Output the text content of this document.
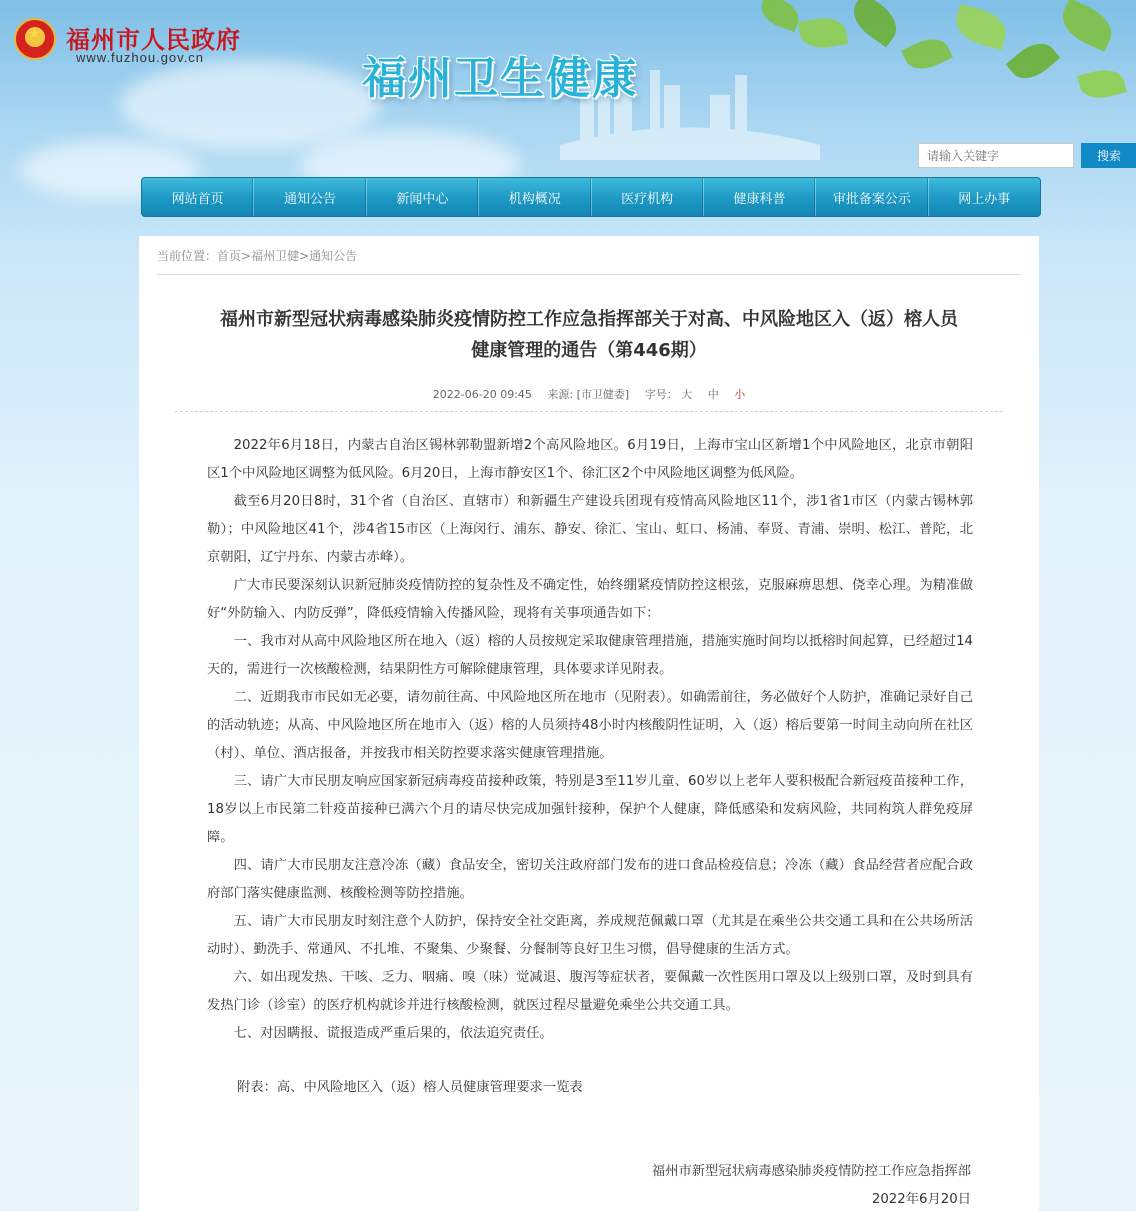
★ 福州市人民政府
www.fuzhou.gov.cn	福州卫生健康
请输入关键字
搜索
网站首页	通知公告	新闻中心	机构概况	医疗机构	健康科普	审批备案公示	网上办事
当前位置：首页>福州卫健>通知公告
福州市新型冠状病毒感染肺炎疫情防控工作应急指挥部关于对高、中风险地区入（返）榕人员
健康管理的通告（第446期）
2022-06-20 09:45 来源: [市卫健委] 字号： 大 中 小

2022年6月18日，内蒙古自治区锡林郭勒盟新增2个高风险地区。6月19日，上海市宝山区新增1个中风险地区，北京市朝阳区1个中风险地区调整为低风险。6月20日，上海市静安区1个、徐汇区2个中风险地区调整为低风险。

截至6月20日8时，31个省（自治区、直辖市）和新疆生产建设兵团现有疫情高风险地区11个，涉1省1市区（内蒙古锡林郭勒）；中风险地区41个，涉4省15市区（上海闵行、浦东、静安、徐汇、宝山、虹口、杨浦、奉贤、青浦、崇明、松江、普陀，北京朝阳，辽宁丹东、内蒙古赤峰）。

广大市民要深刻认识新冠肺炎疫情防控的复杂性及不确定性，始终绷紧疫情防控这根弦，克服麻痹思想、侥幸心理。为精准做好“外防输入、内防反弹”，降低疫情输入传播风险，现将有关事项通告如下：

一、我市对从高中风险地区所在地入（返）榕的人员按规定采取健康管理措施，措施实施时间均以抵榕时间起算，已经超过14天的，需进行一次核酸检测，结果阴性方可解除健康管理，具体要求详见附表。

二、近期我市市民如无必要，请勿前往高、中风险地区所在地市（见附表）。如确需前往，务必做好个人防护，准确记录好自己的活动轨迹；从高、中风险地区所在地市入（返）榕的人员须持48小时内核酸阴性证明，入（返）榕后要第一时间主动向所在社区（村）、单位、酒店报备，并按我市相关防控要求落实健康管理措施。

三、请广大市民朋友响应国家新冠病毒疫苗接种政策，特别是3至11岁儿童、60岁以上老年人要积极配合新冠疫苗接种工作，18岁以上市民第二针疫苗接种已满六个月的请尽快完成加强针接种，保护个人健康，降低感染和发病风险，共同构筑人群免疫屏障。

四、请广大市民朋友注意冷冻（藏）食品安全，密切关注政府部门发布的进口食品检疫信息；冷冻（藏）食品经营者应配合政府部门落实健康监测、核酸检测等防控措施。

五、请广大市民朋友时刻注意个人防护，保持安全社交距离，养成规范佩戴口罩（尤其是在乘坐公共交通工具和在公共场所活动时）、勤洗手、常通风、不扎堆、不聚集、少聚餐、分餐制等良好卫生习惯，倡导健康的生活方式。

六、如出现发热、干咳、乏力、咽痛、嗅（味）觉减退、腹泻等症状者，要佩戴一次性医用口罩及以上级别口罩，及时到具有发热门诊（诊室）的医疗机构就诊并进行核酸检测，就医过程尽量避免乘坐公共交通工具。

七、对因瞒报、谎报造成严重后果的，依法追究责任。

附表：高、中风险地区入（返）榕人员健康管理要求一览表
福州市新型冠状病毒感染肺炎疫情防控工作应急指挥部
2022年6月20日
